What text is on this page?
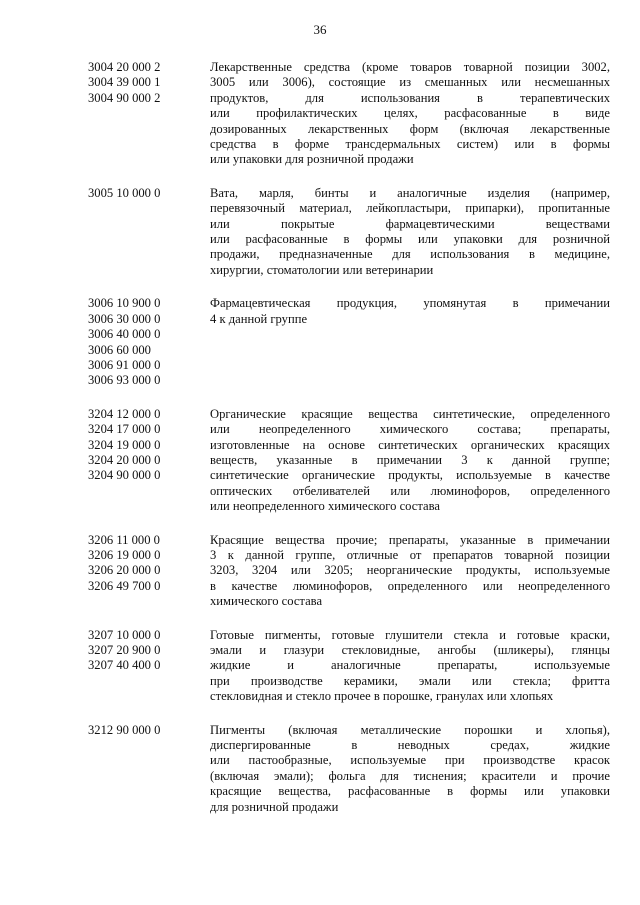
36
3004 20 000 2
3004 39 000 1
3004 90 000 2
Лекарственные средства (кроме товаров товарной позиции 3002,
3005 или 3006), состоящие из смешанных или несмешанных
продуктов, для использования в терапевтических
или профилактических целях, расфасованные в виде
дозированных лекарственных форм (включая лекарственные
средства в форме трансдермальных систем) или в формы
или упаковки для розничной продажи
3005 10 000 0	Вата, марля, бинты и аналогичные изделия (например,
перевязочный материал, лейкопластыри, припарки), пропитанные
или покрытые фармацевтическими веществами
или расфасованные в формы или упаковки для розничной
продажи, предназначенные для использования в медицине,
хирургии, стоматологии или ветеринарии
3006 10 900 0
3006 30 000 0
3006 40 000 0
3006 60 000
3006 91 000 0
3006 93 000 0
Фармацевтическая продукция, упомянутая в примечании
4 к данной группе
3204 12 000 0
3204 17 000 0
3204 19 000 0
3204 20 000 0
3204 90 000 0
Органические красящие вещества синтетические, определенного
или неопределенного химического состава; препараты,
изготовленные на основе синтетических органических красящих
веществ, указанные в примечании 3 к данной группе;
синтетические органические продукты, используемые в качестве
оптических отбеливателей или люминофоров, определенного
или неопределенного химического состава
3206 11 000 0
3206 19 000 0
3206 20 000 0
3206 49 700 0
Красящие вещества прочие; препараты, указанные в примечании
3 к данной группе, отличные от препаратов товарной позиции
3203, 3204 или 3205; неорганические продукты, используемые
в качестве люминофоров, определенного или неопределенного
химического состава
3207 10 000 0
3207 20 900 0
3207 40 400 0
Готовые пигменты, готовые глушители стекла и готовые краски,
эмали и глазури стекловидные, ангобы (шликеры), глянцы
жидкие и аналогичные препараты, используемые
при производстве керамики, эмали или стекла; фритта
стекловидная и стекло прочее в порошке, гранулах или хлопьях
3212 90 000 0	Пигменты (включая металлические порошки и хлопья),
диспергированные в неводных средах, жидкие
или пастообразные, используемые при производстве красок
(включая эмали); фольга для тиснения; красители и прочие
красящие вещества, расфасованные в формы или упаковки
для розничной продажи
